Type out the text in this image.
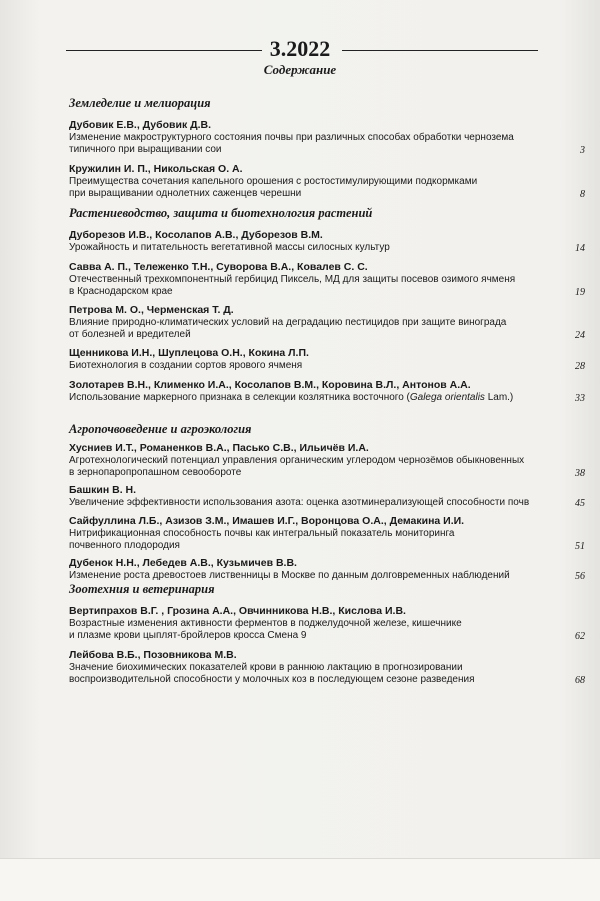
3.2022
Содержание
Земледелие и мелиорация
Дубовик Е.В., Дубовик Д.В.
Изменение макроструктурного состояния почвы при различных способах обработки чернозема
типичного при выращивании сои	3
Кружилин И. П., Никольская О. А.
Преимущества сочетания капельного орошения с ростостимулирующими подкормками
при выращивании однолетних саженцев черешни	8
Растениеводство, защита и биотехнология растений
Дуборезов И.В., Косолапов А.В., Дуборезов В.М.
Урожайность и питательность вегетативной массы силосных культур	14
Савва А. П., Тележенко Т.Н., Суворова В.А., Ковалев С. С.
Отечественный трехкомпонентный гербицид Пиксель, МД для защиты посевов озимого ячменя
в Краснодарском крае	19
Петрова М. О., Черменская Т. Д.
Влияние природно-климатических условий на деградацию пестицидов при защите винограда
от болезней и вредителей	24
Щенникова И.Н., Шуплецова О.Н., Кокина Л.П.
Биотехнология в создании сортов ярового ячменя	28
Золотарев В.Н., Клименко И.А., Косолапов В.М., Коровина В.Л., Антонов А.А.
Использование маркерного признака в селекции козлятника восточного (Galega orientalis Lam.)	33
Агропочвоведение и агроэкология
Хусниев И.Т., Романенков В.А., Пасько С.В., Ильичёв И.А.
Агротехнологический потенциал управления органическим углеродом чернозёмов обыкновенных
в зернопаропропашном севообороте	38
Башкин В. Н.
Увеличение эффективности использования азота: оценка азотминерализующей способности почв	45
Сайфуллина Л.Б., Азизов З.М., Имашев И.Г., Воронцова О.А., Демакина И.И.
Нитрификационная способность почвы как интегральный показатель мониторинга
почвенного плодородия	51
Дубенок Н.Н., Лебедев А.В., Кузьмичев В.В.
Изменение роста древостоев лиственницы в Москве по данным долговременных наблюдений	56
Зоотехния и ветеринария
Вертипрахов В.Г. , Грозина А.А., Овчинникова Н.В., Кислова И.В.
Возрастные изменения активности ферментов в поджелудочной железе, кишечнике
и плазме крови цыплят-бройлеров кросса Смена 9	62
Лейбова В.Б., Позовникова М.В.
Значение биохимических показателей крови в раннюю лактацию в прогнозировании
воспроизводительной способности у молочных коз в последующем сезоне разведения	68
